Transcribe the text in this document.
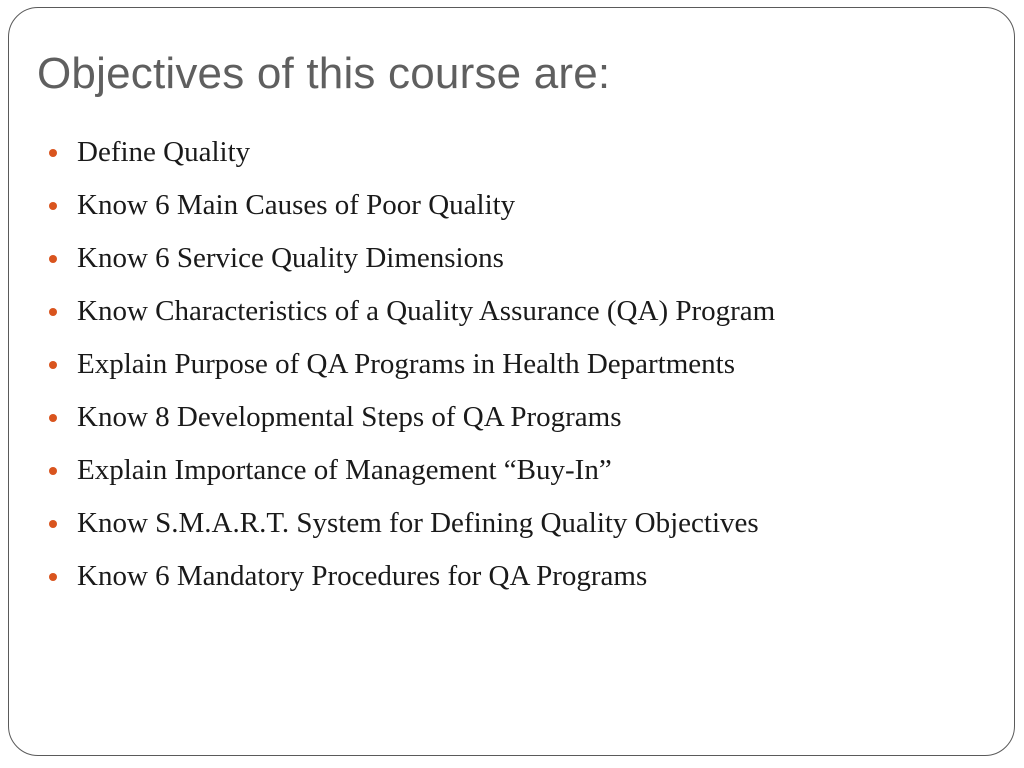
Objectives of this course are:
Define Quality
Know 6 Main Causes of Poor Quality
Know 6 Service Quality Dimensions
Know Characteristics of a Quality Assurance (QA) Program
Explain Purpose of QA Programs in Health Departments
Know 8 Developmental Steps of QA Programs
Explain Importance of Management “Buy-In”
Know S.M.A.R.T. System for Defining Quality Objectives
Know 6 Mandatory Procedures for QA Programs
